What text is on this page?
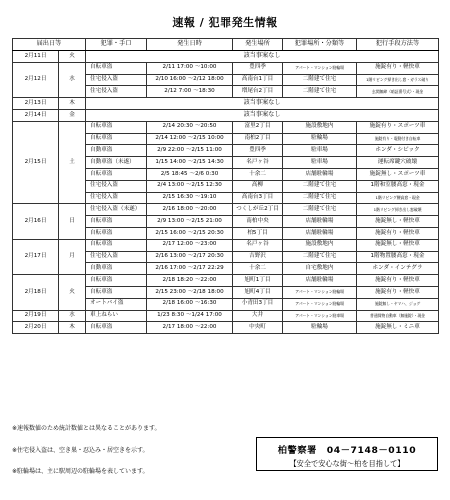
速報 / 犯罪発生情報
届出日等		犯罪・手口	発生日時	発生場所	犯罪場所・分類等	犯行手段方法等
2月11日	火	該当事案なし				
2月12日	水	自転車盗	2/11 17:00 ～10:00	豊四季	アパート・マンション駐輪場	施錠有り・軽快車
		住宅侵入盗	2/10 16:00 ～2/12 18:00	高南台1丁目	二階建て住宅	1階リビング掃き出し窓・ガラス破り
		住宅侵入盗	2/12 7:00 ～18:30	増尾台2丁目	二階建て住宅	玄関無締（暗証番号式）・現金
2月13日	木	該当事案なし				
2月14日	金	該当事案なし				
2月15日	土	自転車盗	2/14 20:30 ～20:50	富里2丁目	施設敷地内	施錠有り・スポーツ車
		自転車盗	2/14 12:00 ～2/15 10:00	南柏2丁目	駐輪場	施錠有り・電動付き自転車
		自動車盗	2/9 22:00 ～2/15 11:00	豊四季	駐車場	ホンダ・シビック
		自動車盗（未遂）	1/15 14:00 ～2/15 14:30	名戸ヶ谷	駐車場	運転席鍵穴破壊
		自転車盗	2/5 18:45 ～2/6 0:30	十余二	店舗駐輪場	施錠無し・スポーツ車
		住宅侵入盗	2/4 13:00 ～2/15 12:30	高柳	二階建て住宅	1階和室腰高窓・現金
		住宅侵入盗	2/15 16:30 ～19:10	高南台3丁目	二階建て住宅	1階リビング腰高窓・現金
2月16日	日	住宅侵入盗（未遂）	2/16 18:00 ～20:00	つくしが丘2丁目	二階建て住宅	1階リビング掃き出し窓破壊
		自転車盗	2/9 13:00 ～2/15 21:00	南柏中央	店舗駐輪場	施錠無し・軽快車
		自転車盗	2/15 16:00 ～2/15 20:30	柏5丁目	店舗駐輪場	施錠有り・軽快車
2月17日	月	自転車盗	2/17 12:00 ～23:00	名戸ヶ谷	施設敷地内	施錠無し・軽快車
		住宅侵入盗	2/16 13:00 ～2/17 20:30	吉野沢	二階建て住宅	1階物置腰高窓・現金
		自動車盗	2/16 17:00 ～2/17 22:29	十余二	自宅敷地内	ホンダ・インテグラ
2月18日	火	自転車盗	2/18 18:20 ～22:00	旭町1丁目	店舗駐輪場	施錠有り・軽快車
		自転車盗	2/15 23:00 ～2/18 18:00	旭町4丁目	アパート・マンション駐輪場	施錠有り・軽快車
		オートバイ盗	2/18 16:00 ～16:30	小青田3丁目	アパート・マンション駐輪場	施錠無し・ヤマハ、ジョグ
2月19日	水	車上ねらい	1/23 8:30 ～1/24 17:00	大井	アパート・マンション駐車場	普通貨物自動車（無施錠）・現金
2月20日	木	自転車盗	2/17 18:00 ～22:00	中央町	駐輪場	施錠無し・ミニ車
※速報数値のため統計数値とは異なることがあります。
※住宅侵入盗は、空き巣・忍込み・居空きを示す。
※駐輪場は、主に駅周辺の駐輪場を表しています。
柏警察署　04－7148－0110
【安全で安心な街～柏を目指して】
